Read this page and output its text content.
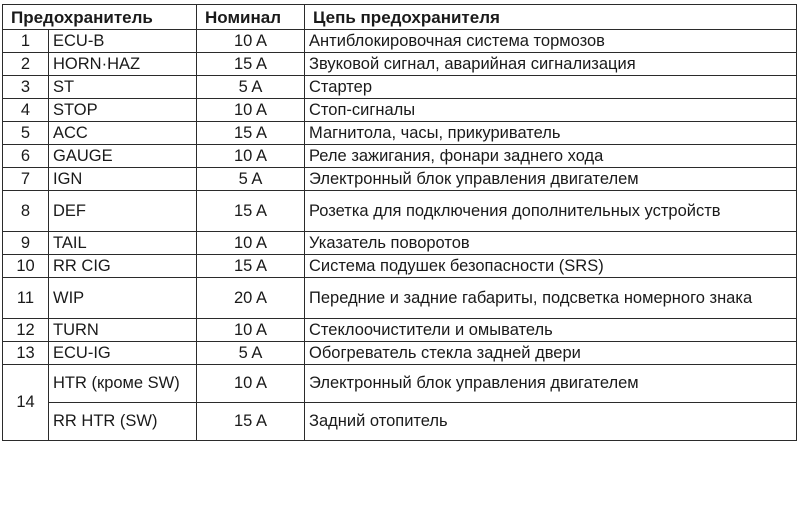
Предохранитель		Номинал	Цепь предохранителя
1	ECU-B	10 A	Антиблокировочная система тормозов
2	HORN·HAZ	15 A	Звуковой сигнал, аварийная сигнализация
3	ST	5 A	Стартер
4	STOP	10 A	Стоп-сигналы
5	ACC	15 A	Магнитола, часы, прикуриватель
6	GAUGE	10 A	Реле зажигания, фонари заднего хода
7	IGN	5 A	Электронный блок управления двигателем
8	DEF	15 A	Розетка для подключения дополнительных устройств
9	TAIL	10 A	Указатель поворотов
10	RR CIG	15 A	Система подушек безопасности (SRS)
11	WIP	20 A	Передние и задние габариты, подсветка номерного знака
12	TURN	10 A	Стеклоочистители и омыватель
13	ECU-IG	5 A	Обогреватель стекла задней двери
14	HTR (кроме SW)	10 A	Электронный блок управления двигателем
	RR HTR (SW)	15 A	Задний отопитель
